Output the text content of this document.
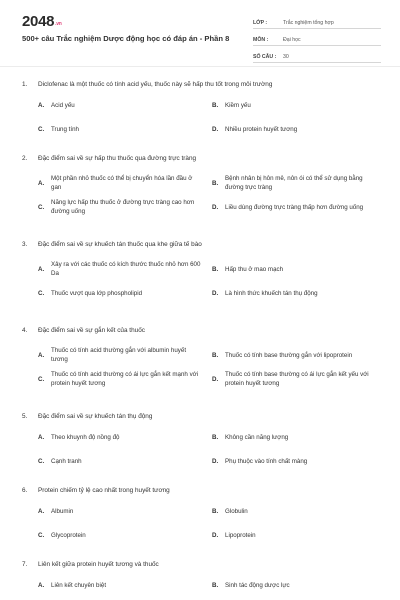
2048.vn
500+ câu Trắc nghiệm Dược động học có đáp án - Phần 8
LỚP :	Trắc nghiệm tổng hợp
MÔN :	Đại học
SỐ CÂU :	30
1. Diclofenac là một thuốc có tính acid yếu, thuốc này sẽ hấp thu tốt trong môi trường
A.	Acid yếu	B.	Kiềm yếu
C.	Trung tính	D.	Nhiều protein huyết tương
2. Đặc điểm sai về sự hấp thu thuốc qua đường trực tràng
A.
Một phần nhỏ thuốc có thể bị chuyển hóa lần đầu ở gan
B.
Bệnh nhân bị hôn mê, nôn ói có thể sử dụng bằng đường trực tràng
C.
Năng lực hấp thu thuốc ở đường trực tràng cao hơn đường uống
D.	Liều dùng đường trực tràng thấp hơn đường uống
3. Đặc điểm sai về sự khuếch tán thuốc qua khe giữa tế bào
A.
Xảy ra với các thuốc có kích thước thuốc nhỏ hơn 600 Da
B.	Hấp thu ở mao mạch
C.	Thuốc vượt qua lớp phospholipid	D.	Là hình thức khuếch tán thụ động
4. Đặc điểm sai về sự gắn kết của thuốc
A.
Thuốc có tính acid thường gắn với albumin huyết tương
B.	Thuốc có tính base thường gắn với lipoprotein
C.
Thuốc có tính acid thường có ái lực gắn kết mạnh với protein huyết tương
D.
Thuốc có tính base thường có ái lực gắn kết yếu với protein huyết tương
5. Đặc điểm sai về sự khuếch tán thụ động
A.	Theo khuynh độ nồng độ	B.	Không cần năng lượng
C.	Cạnh tranh	D.	Phụ thuộc vào tính chất màng
6. Protein chiếm tỷ lệ cao nhất trong huyết tương
A.	Albumin	B.	Globulin
C.	Glycoprotein	D.	Lipoprotein
7. Liên kết giữa protein huyết tương và thuốc
A.	Liên kết chuyên biệt	B.	Sinh tác động dược lực
